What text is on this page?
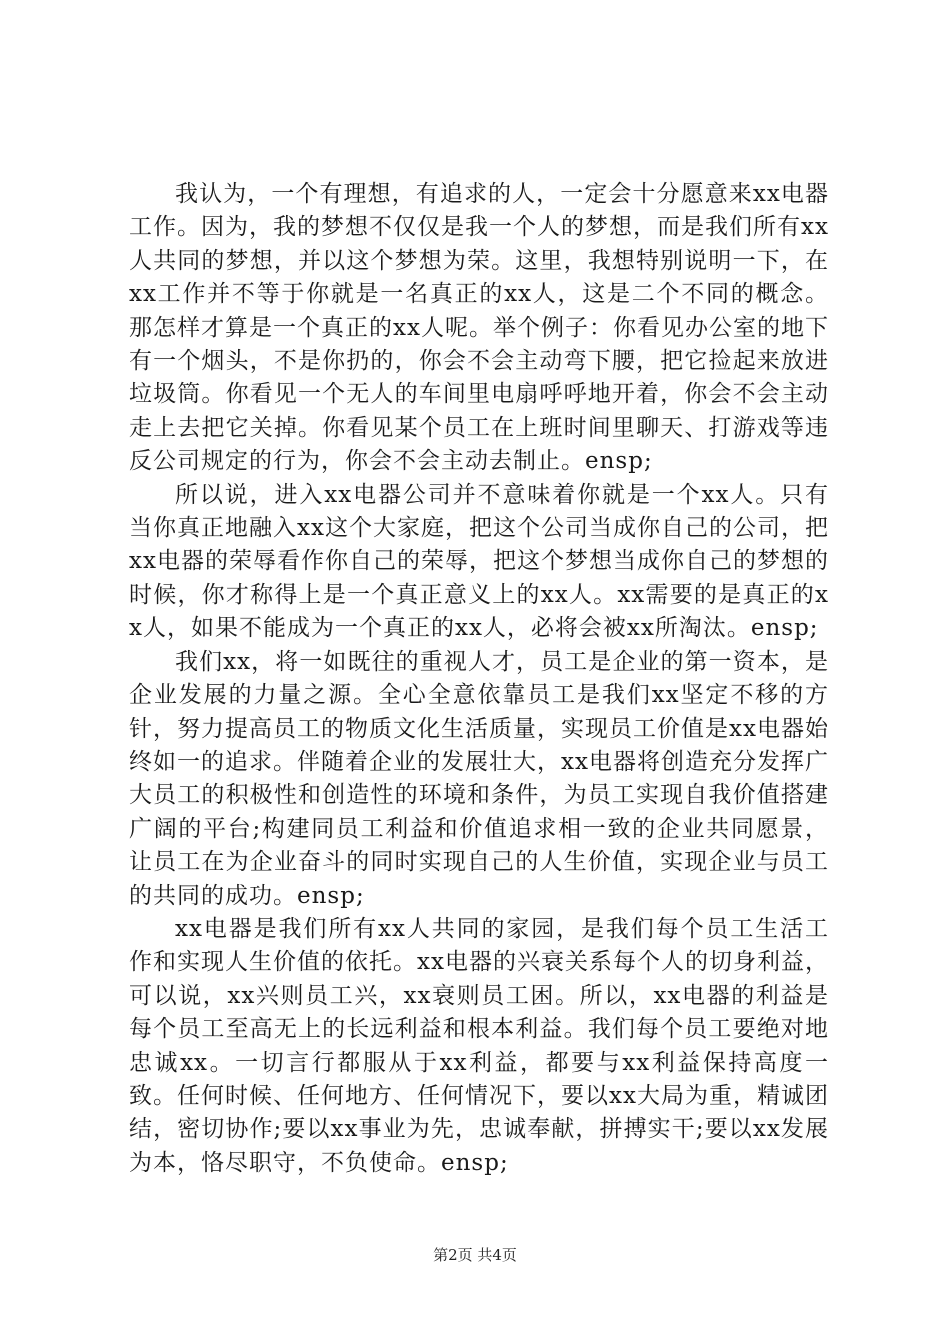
我认为，一个有理想，有追求的人，一定会十分愿意来xx电器工作。因为，我的梦想不仅仅是我一个人的梦想，而是我们所有xx人共同的梦想，并以这个梦想为荣。这里，我想特别说明一下，在xx工作并不等于你就是一名真正的xx人，这是二个不同的概念。那怎样才算是一个真正的xx人呢。举个例子：你看见办公室的地下有一个烟头，不是你扔的，你会不会主动弯下腰，把它捡起来放进垃圾筒。你看见一个无人的车间里电扇呼呼地开着，你会不会主动走上去把它关掉。你看见某个员工在上班时间里聊天、打游戏等违反公司规定的行为，你会不会主动去制止。ensp;

所以说，进入xx电器公司并不意味着你就是一个xx人。只有当你真正地融入xx这个大家庭，把这个公司当成你自己的公司，把xx电器的荣辱看作你自己的荣辱，把这个梦想当成你自己的梦想的时候，你才称得上是一个真正意义上的xx人。xx需要的是真正的xx人，如果不能成为一个真正的xx人，必将会被xx所淘汰。ensp;

我们xx，将一如既往的重视人才，员工是企业的第一资本，是企业发展的力量之源。全心全意依靠员工是我们xx坚定不移的方针，努力提高员工的物质文化生活质量，实现员工价值是xx电器始终如一的追求。伴随着企业的发展壮大，xx电器将创造充分发挥广大员工的积极性和创造性的环境和条件，为员工实现自我价值搭建广阔的平台;构建同员工利益和价值追求相一致的企业共同愿景，让员工在为企业奋斗的同时实现自己的人生价值，实现企业与员工的共同的成功。ensp;

xx电器是我们所有xx人共同的家园，是我们每个员工生活工作和实现人生价值的依托。xx电器的兴衰关系每个人的切身利益，可以说，xx兴则员工兴，xx衰则员工困。所以，xx电器的利益是每个员工至高无上的长远利益和根本利益。我们每个员工要绝对地忠诚xx。一切言行都服从于xx利益，都要与xx利益保持高度一致。任何时候、任何地方、任何情况下，要以xx大局为重，精诚团结，密切协作;要以xx事业为先，忠诚奉献，拼搏实干;要以xx发展为本，恪尽职守，不负使命。ensp;

第2页 共4页
